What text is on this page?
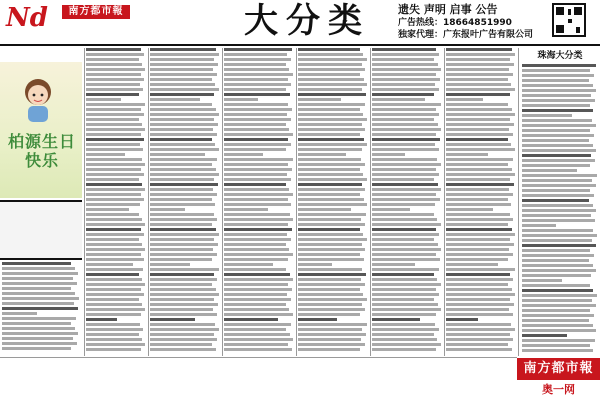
Nd	南方都市報	大分类	遗失 声明 启事 公告
广告热线：18664851990
独家代理：广东报叶广告有限公司
柏源生日快乐
珠海大分类
南方都市報
奥一网
